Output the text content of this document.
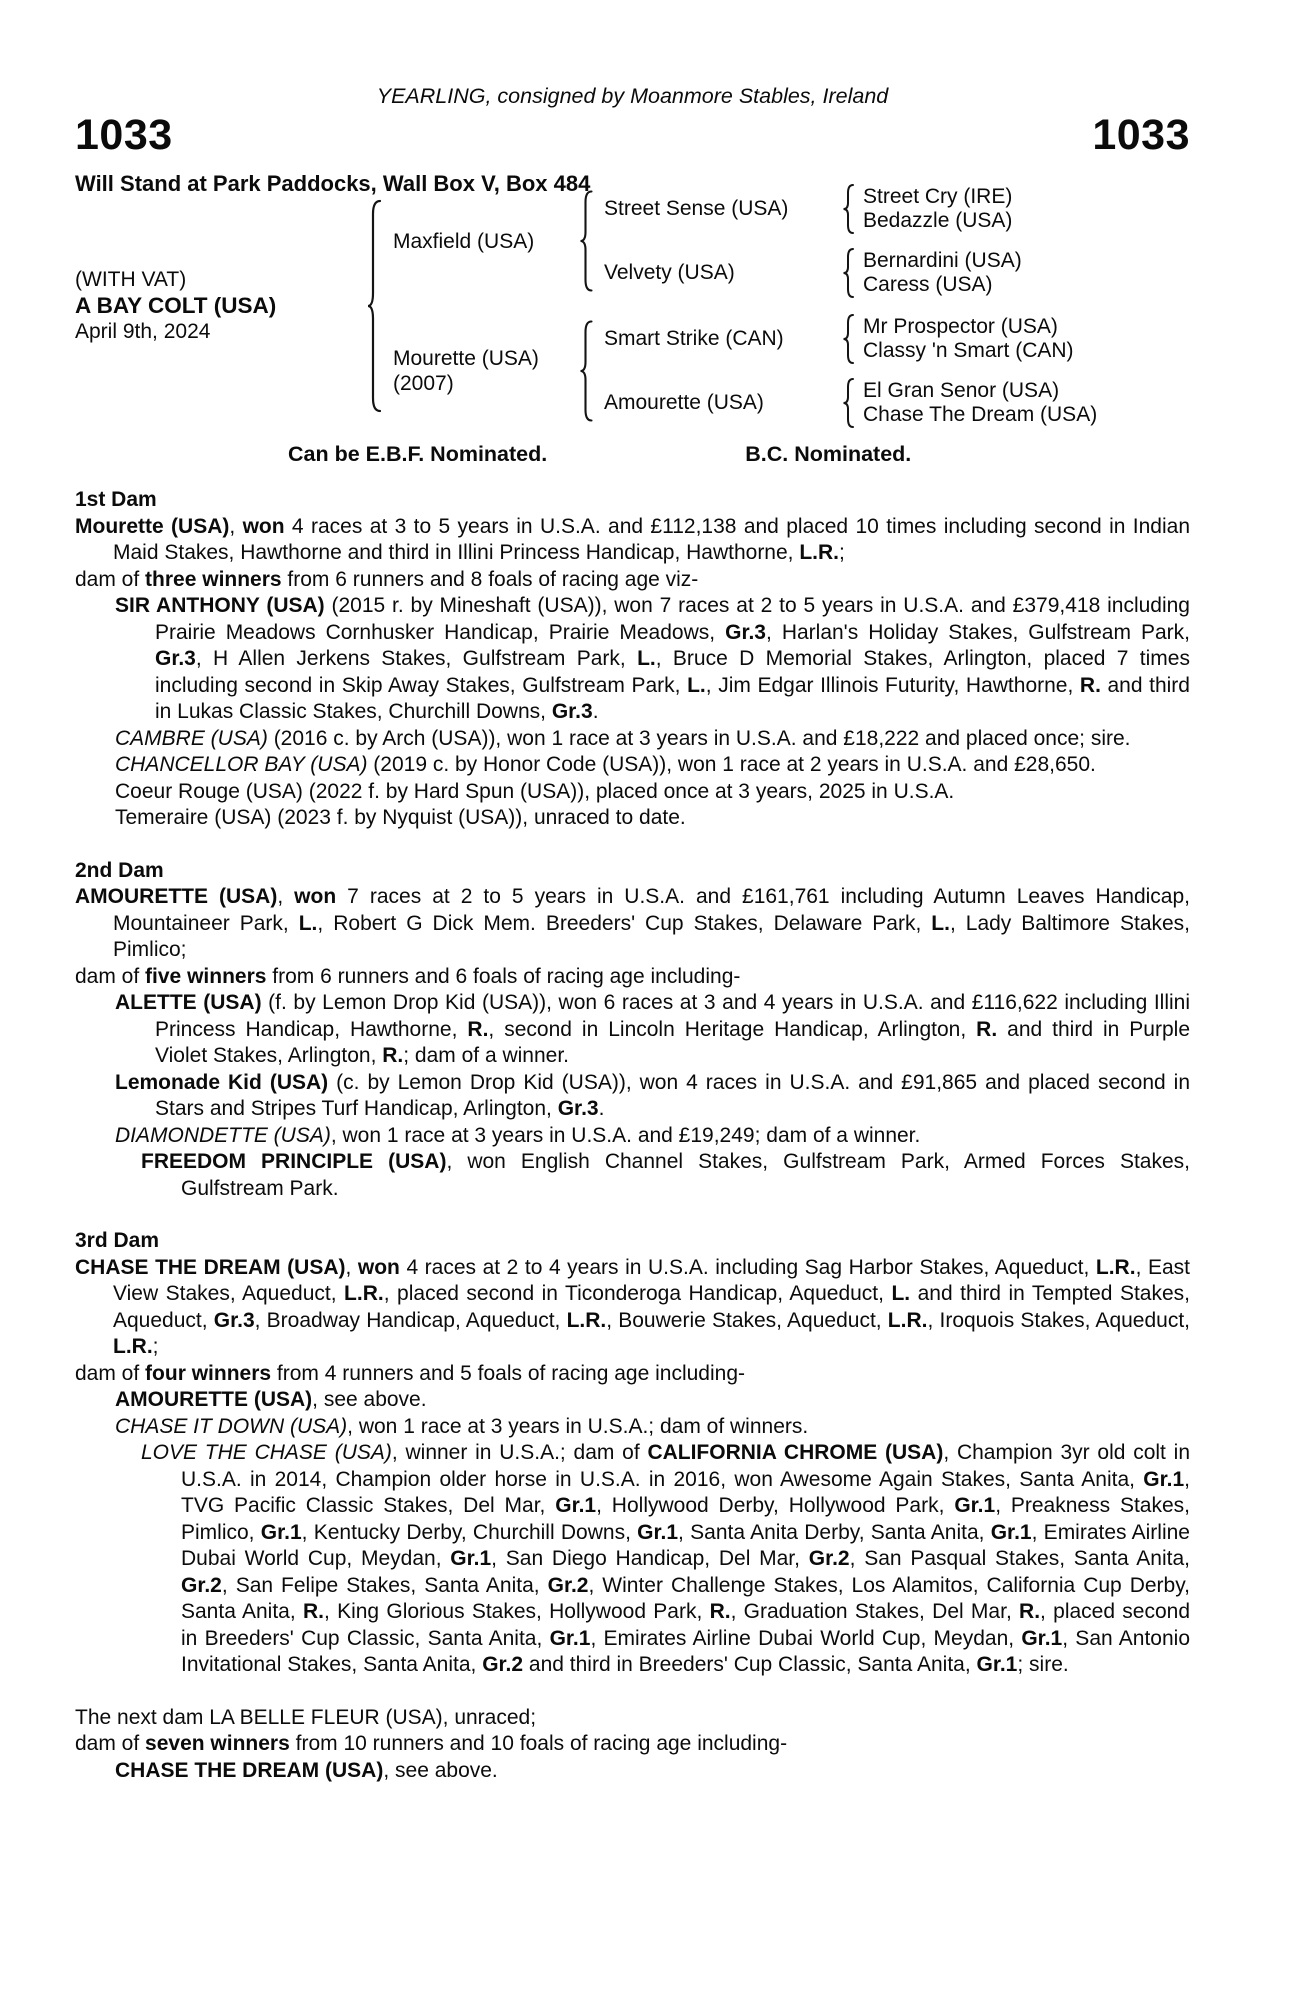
YEARLING, consigned by Moanmore Stables, Ireland
1033	1033
Will Stand at Park Paddocks, Wall Box V, Box 484
(WITH VAT)
A BAY COLT (USA)
April 9th, 2024
Maxfield (USA)
Street Sense (USA)
Street Cry (IRE)
Bedazzle (USA)
Velvety (USA)
Bernardini (USA)
Caress (USA)
Mourette (USA)
(2007)
Smart Strike (CAN)
Mr Prospector (USA)
Classy 'n Smart (CAN)
Amourette (USA)
El Gran Senor (USA)
Chase The Dream (USA)
Can be E.B.F. Nominated.	B.C. Nominated.
1st Dam

Mourette (USA), won 4 races at 3 to 5 years in U.S.A. and £112,138 and placed 10 times including second in Indian Maid Stakes, Hawthorne and third in Illini Princess Handicap, Hawthorne, L.R.;

dam of three winners from 6 runners and 8 foals of racing age viz-

SIR ANTHONY (USA) (2015 r. by Mineshaft (USA)), won 7 races at 2 to 5 years in U.S.A. and £379,418 including Prairie Meadows Cornhusker Handicap, Prairie Meadows, Gr.3, Harlan's Holiday Stakes, Gulfstream Park, Gr.3, H Allen Jerkens Stakes, Gulfstream Park, L., Bruce D Memorial Stakes, Arlington, placed 7 times including second in Skip Away Stakes, Gulfstream Park, L., Jim Edgar Illinois Futurity, Hawthorne, R. and third in Lukas Classic Stakes, Churchill Downs, Gr.3.

CAMBRE (USA) (2016 c. by Arch (USA)), won 1 race at 3 years in U.S.A. and £18,222 and placed once; sire.

CHANCELLOR BAY (USA) (2019 c. by Honor Code (USA)), won 1 race at 2 years in U.S.A. and £28,650.

Coeur Rouge (USA) (2022 f. by Hard Spun (USA)), placed once at 3 years, 2025 in U.S.A.

Temeraire (USA) (2023 f. by Nyquist (USA)), unraced to date.

2nd Dam

AMOURETTE (USA), won 7 races at 2 to 5 years in U.S.A. and £161,761 including Autumn Leaves Handicap, Mountaineer Park, L., Robert G Dick Mem. Breeders' Cup Stakes, Delaware Park, L., Lady Baltimore Stakes, Pimlico;

dam of five winners from 6 runners and 6 foals of racing age including-

ALETTE (USA) (f. by Lemon Drop Kid (USA)), won 6 races at 3 and 4 years in U.S.A. and £116,622 including Illini Princess Handicap, Hawthorne, R., second in Lincoln Heritage Handicap, Arlington, R. and third in Purple Violet Stakes, Arlington, R.; dam of a winner.

Lemonade Kid (USA) (c. by Lemon Drop Kid (USA)), won 4 races in U.S.A. and £91,865 and placed second in Stars and Stripes Turf Handicap, Arlington, Gr.3.

DIAMONDETTE (USA), won 1 race at 3 years in U.S.A. and £19,249; dam of a winner.

FREEDOM PRINCIPLE (USA), won English Channel Stakes, Gulfstream Park, Armed Forces Stakes, Gulfstream Park.

3rd Dam

CHASE THE DREAM (USA), won 4 races at 2 to 4 years in U.S.A. including Sag Harbor Stakes, Aqueduct, L.R., East View Stakes, Aqueduct, L.R., placed second in Ticonderoga Handicap, Aqueduct, L. and third in Tempted Stakes, Aqueduct, Gr.3, Broadway Handicap, Aqueduct, L.R., Bouwerie Stakes, Aqueduct, L.R., Iroquois Stakes, Aqueduct, L.R.;

dam of four winners from 4 runners and 5 foals of racing age including-

AMOURETTE (USA), see above.

CHASE IT DOWN (USA), won 1 race at 3 years in U.S.A.; dam of winners.

LOVE THE CHASE (USA), winner in U.S.A.; dam of CALIFORNIA CHROME (USA), Champion 3yr old colt in U.S.A. in 2014, Champion older horse in U.S.A. in 2016, won Awesome Again Stakes, Santa Anita, Gr.1, TVG Pacific Classic Stakes, Del Mar, Gr.1, Hollywood Derby, Hollywood Park, Gr.1, Preakness Stakes, Pimlico, Gr.1, Kentucky Derby, Churchill Downs, Gr.1, Santa Anita Derby, Santa Anita, Gr.1, Emirates Airline Dubai World Cup, Meydan, Gr.1, San Diego Handicap, Del Mar, Gr.2, San Pasqual Stakes, Santa Anita, Gr.2, San Felipe Stakes, Santa Anita, Gr.2, Winter Challenge Stakes, Los Alamitos, California Cup Derby, Santa Anita, R., King Glorious Stakes, Hollywood Park, R., Graduation Stakes, Del Mar, R., placed second in Breeders' Cup Classic, Santa Anita, Gr.1, Emirates Airline Dubai World Cup, Meydan, Gr.1, San Antonio Invitational Stakes, Santa Anita, Gr.2 and third in Breeders' Cup Classic, Santa Anita, Gr.1; sire.

The next dam LA BELLE FLEUR (USA), unraced;

dam of seven winners from 10 runners and 10 foals of racing age including-

CHASE THE DREAM (USA), see above.
